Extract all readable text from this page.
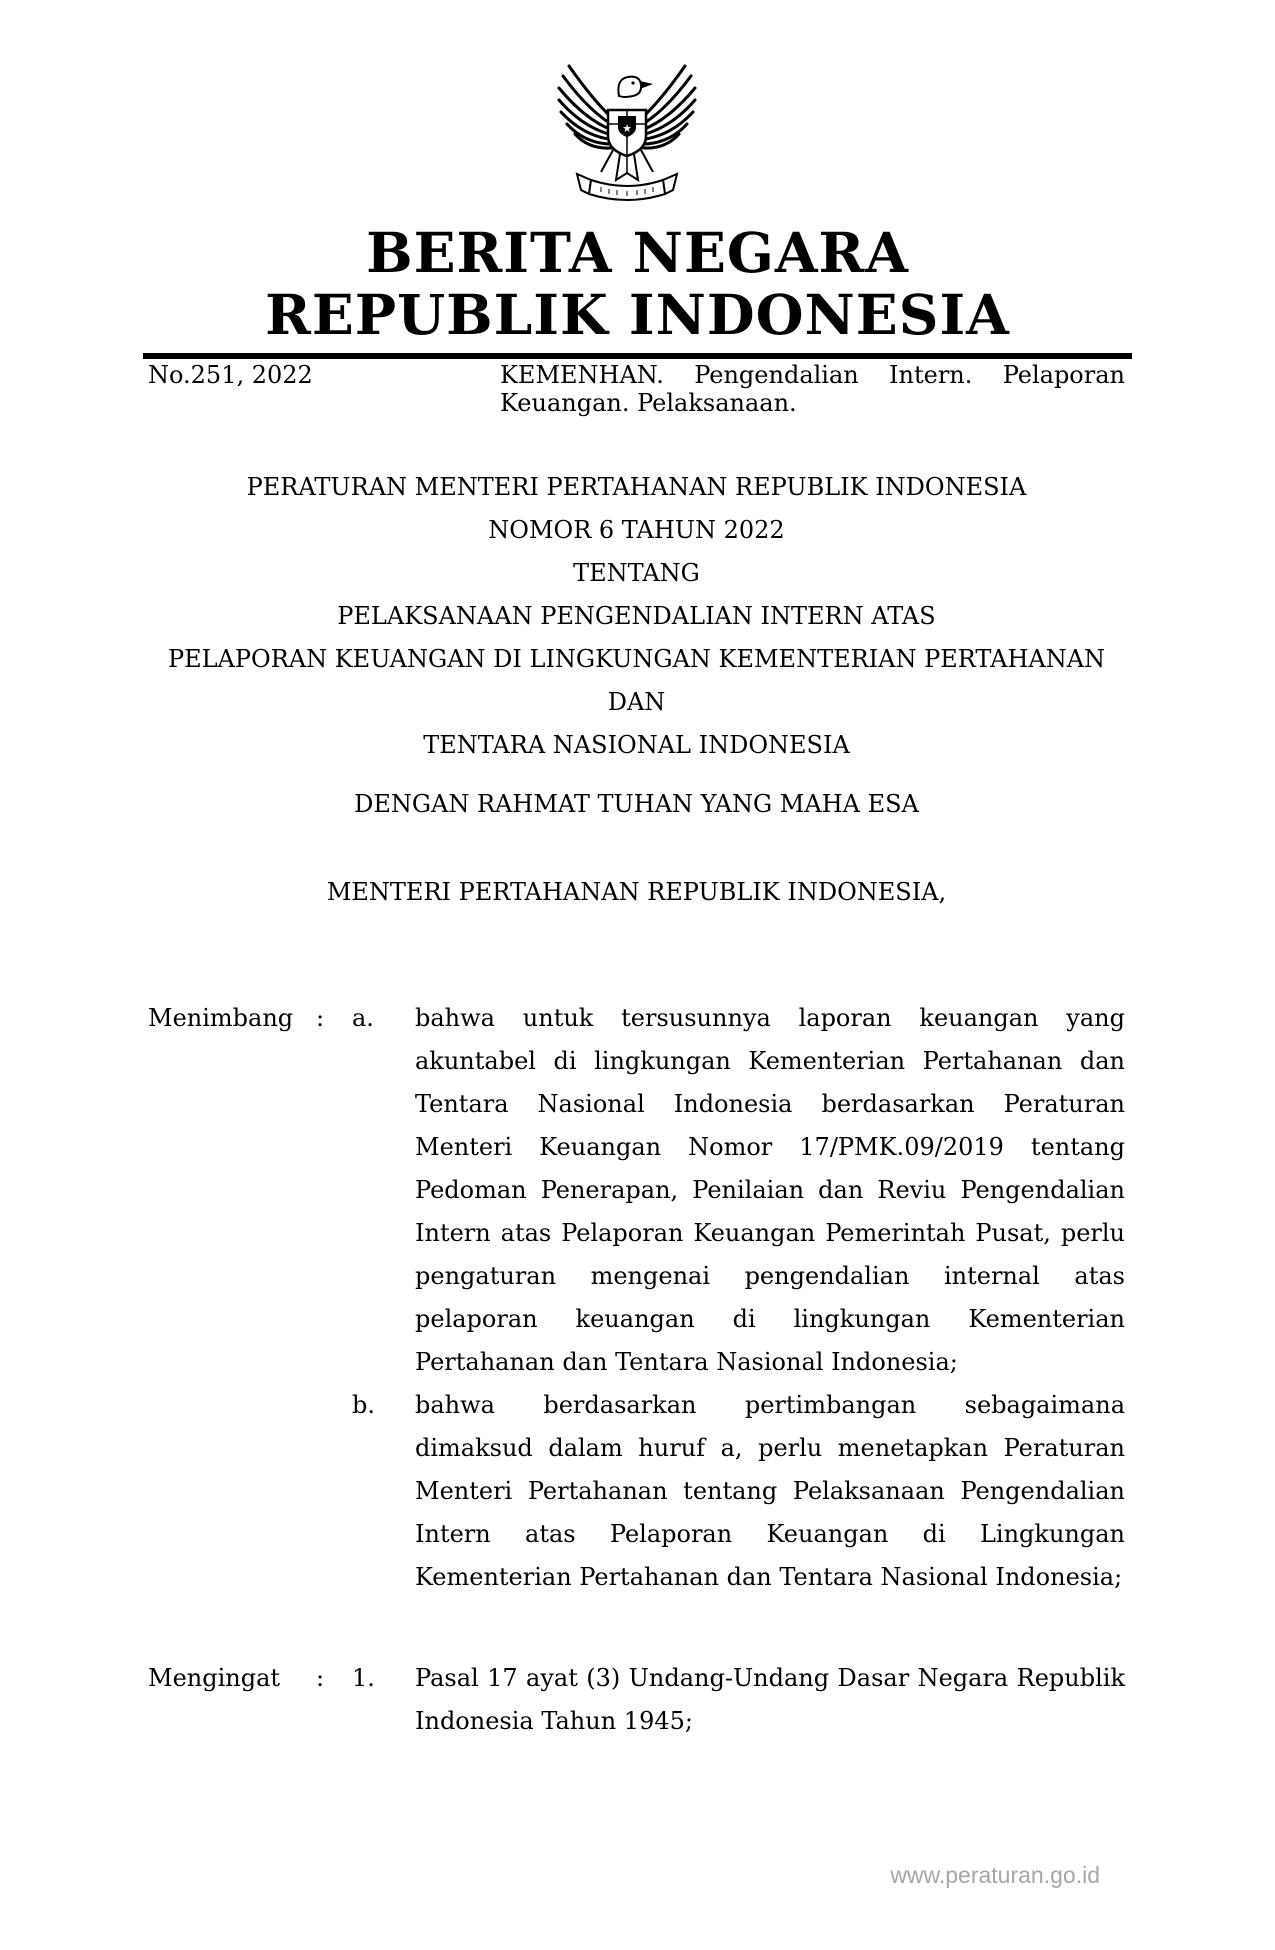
★
BERITA NEGARA
REPUBLIK INDONESIA
No.251, 2022	KEMENHAN. Pengendalian Intern. Pelaporan
Keuangan. Pelaksanaan.
PERATURAN MENTERI PERTAHANAN REPUBLIK INDONESIA
NOMOR 6 TAHUN 2022
TENTANG
PELAKSANAAN PENGENDALIAN INTERN ATAS
PELAPORAN KEUANGAN DI LINGKUNGAN KEMENTERIAN PERTAHANAN DAN
TENTARA NASIONAL INDONESIA
DENGAN RAHMAT TUHAN YANG MAHA ESA
MENTERI PERTAHANAN REPUBLIK INDONESIA,
Menimbang :	a.	bahwa untuk tersusunnya laporan keuangan yang
akuntabel di lingkungan Kementerian Pertahanan dan
Tentara Nasional Indonesia berdasarkan Peraturan
Menteri Keuangan Nomor 17/PMK.09/2019 tentang
Pedoman Penerapan, Penilaian dan Reviu Pengendalian
Intern atas Pelaporan Keuangan Pemerintah Pusat, perlu
pengaturan mengenai pengendalian internal atas
pelaporan keuangan di lingkungan Kementerian
Pertahanan dan Tentara Nasional Indonesia;
b.	bahwa berdasarkan pertimbangan sebagaimana
dimaksud dalam huruf a, perlu menetapkan Peraturan
Menteri Pertahanan tentang Pelaksanaan Pengendalian
Intern atas Pelaporan Keuangan di Lingkungan
Kementerian Pertahanan dan Tentara Nasional Indonesia;
Mengingat	:	1.	Pasal 17 ayat (3) Undang-Undang Dasar Negara Republik
Indonesia Tahun 1945;
www.peraturan.go.id
